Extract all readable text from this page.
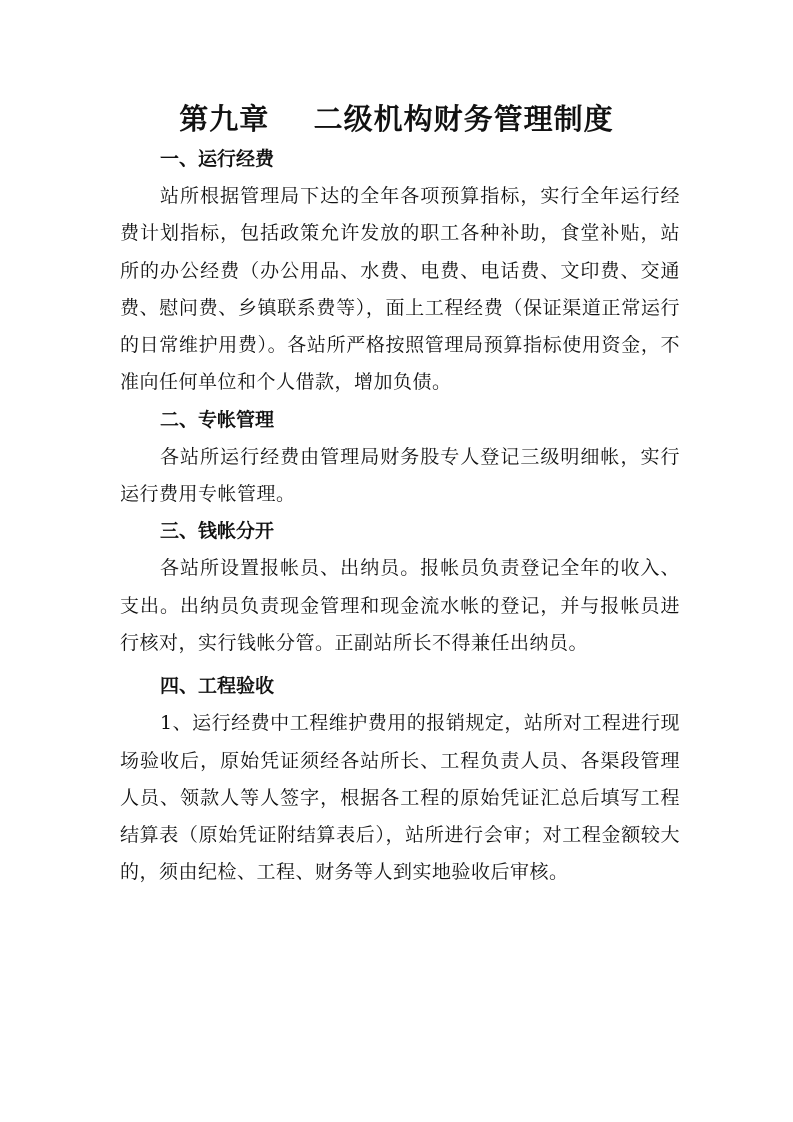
第九章    二级机构财务管理制度
一、运行经费

站所根据管理局下达的全年各项预算指标，实行全年运行经费计划指标，包括政策允许发放的职工各种补助，食堂补贴，站所的办公经费（办公用品、水费、电费、电话费、文印费、交通费、慰问费、乡镇联系费等），面上工程经费（保证渠道正常运行的日常维护用费）。各站所严格按照管理局预算指标使用资金，不准向任何单位和个人借款，增加负债。

二、专帐管理

各站所运行经费由管理局财务股专人登记三级明细帐，实行运行费用专帐管理。

三、钱帐分开

各站所设置报帐员、出纳员。报帐员负责登记全年的收入、支出。出纳员负责现金管理和现金流水帐的登记，并与报帐员进行核对，实行钱帐分管。正副站所长不得兼任出纳员。

四、工程验收

1、运行经费中工程维护费用的报销规定，站所对工程进行现场验收后，原始凭证须经各站所长、工程负责人员、各渠段管理人员、领款人等人签字，根据各工程的原始凭证汇总后填写工程结算表（原始凭证附结算表后），站所进行会审；对工程金额较大的，须由纪检、工程、财务等人到实地验收后审核。
